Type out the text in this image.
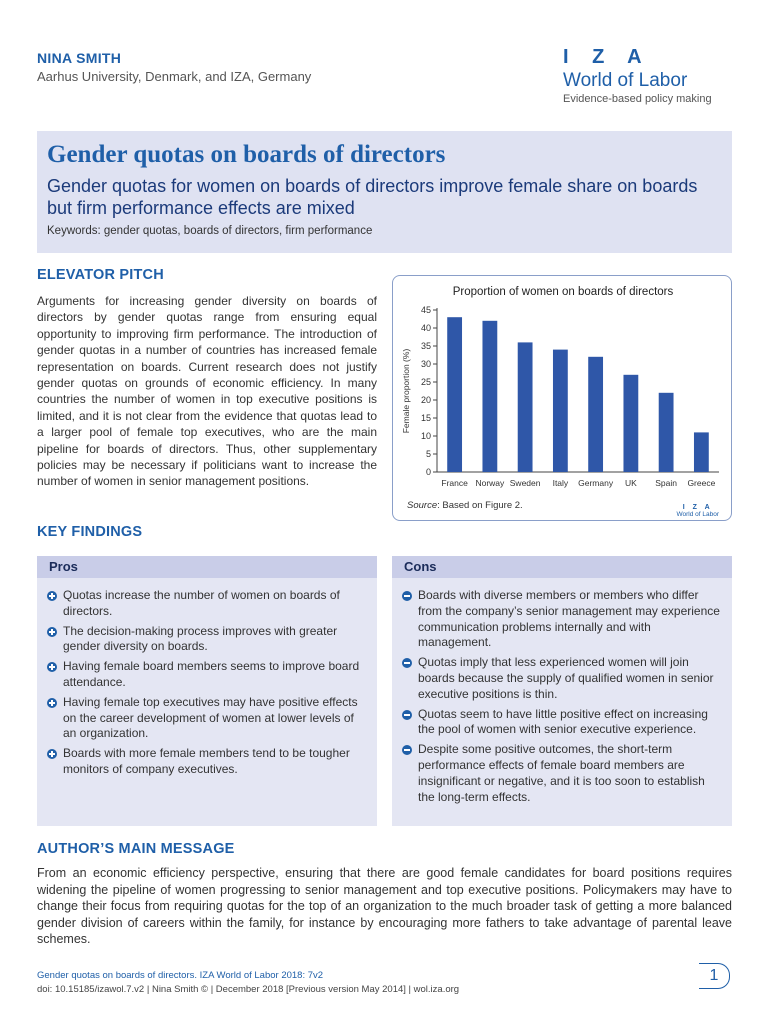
NINA SMITH
Aarhus University, Denmark, and IZA, Germany
I Z A
World of Labor
Evidence-based policy making
Gender quotas on boards of directors
Gender quotas for women on boards of directors improve female share on boards but firm performance effects are mixed
Keywords: gender quotas, boards of directors, firm performance
ELEVATOR PITCH
Arguments for increasing gender diversity on boards of directors by gender quotas range from ensuring equal opportunity to improving firm performance. The introduction of gender quotas in a number of countries has increased female representation on boards. Current research does not justify gender quotas on grounds of economic efficiency. In many countries the number of women in top executive positions is limited, and it is not clear from the evidence that quotas lead to a larger pool of female top executives, who are the main pipeline for boards of directors. Thus, other supplementary policies may be necessary if politicians want to increase the number of women in senior management positions.
Proportion of women on boards of directors
Female proportion (%)
0
5
10
15
20
25
30
35
40
45
France Norway Sweden Italy Germany UK Spain Greece
Source: Based on Figure 2.	I Z A
World of Labor
KEY FINDINGS
Pros
Quotas increase the number of women on boards of directors.
The decision-making process improves with greater gender diversity on boards.
Having female board members seems to improve board attendance.
Having female top executives may have positive effects on the career development of women at lower levels of an organization.
Boards with more female members tend to be tougher monitors of company executives.
Cons
Boards with diverse members or members who differ from the company’s senior management may experience communication problems internally and with management.
Quotas imply that less experienced women will join boards because the supply of qualified women in senior executive positions is thin.
Quotas seem to have little positive effect on increasing the pool of women with senior executive experience.
Despite some positive outcomes, the short-term performance effects of female board members are insignificant or negative, and it is too soon to establish the long-term effects.
AUTHOR’S MAIN MESSAGE
From an economic efficiency perspective, ensuring that there are good female candidates for board positions requires widening the pipeline of women progressing to senior management and top executive positions. Policymakers may have to change their focus from requiring quotas for the top of an organization to the much broader task of getting a more balanced gender division of careers within the family, for instance by encouraging more fathers to take advantage of parental leave schemes.
Gender quotas on boards of directors. IZA World of Labor 2018: 7v2
doi: 10.15185/izawol.7.v2 | Nina Smith © | December 2018 [Previous version May 2014] | wol.iza.org
1
